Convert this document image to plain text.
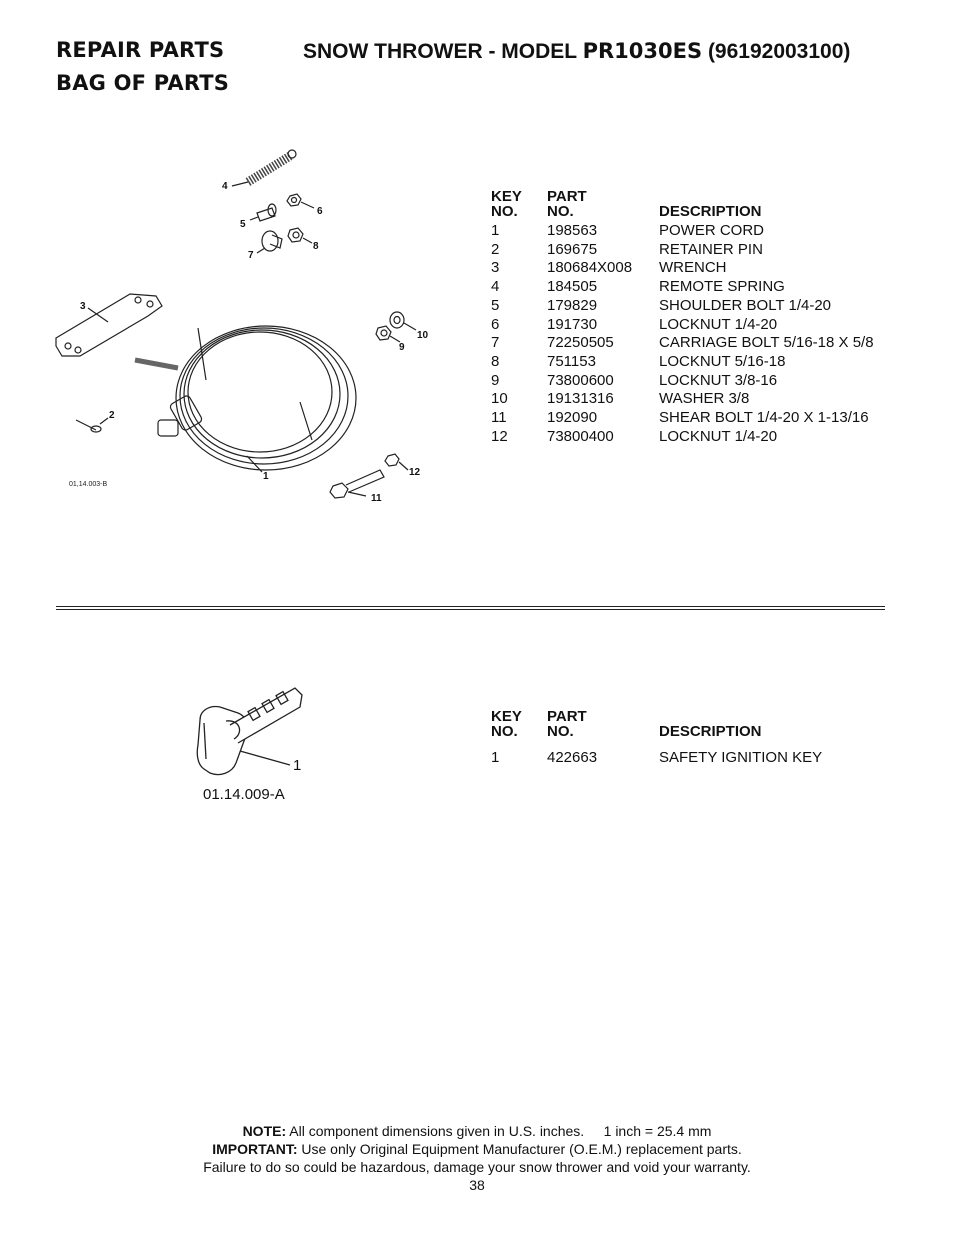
REPAIR PARTS	SNOW THROWER - MODEL PR1030ES (96192003100)
BAG OF PARTS
4
5
6
7
8
3
2
9
10
1	12
11
01,14.003-B
KEY
NO.	PART
NO.	DESCRIPTION

1	198563	POWER CORD
2	169675	RETAINER PIN
3	180684X008	WRENCH
4	184505	REMOTE SPRING
5	179829	SHOULDER BOLT 1/4-20
6	191730	LOCKNUT 1/4-20
7	72250505	CARRIAGE BOLT 5/16-18 X 5/8
8	751153	LOCKNUT 5/16-18
9	73800600	LOCKNUT 3/8-16
10	19131316	WASHER 3/8
11	192090	SHEAR BOLT 1/4-20 X 1-13/16
12	73800400	LOCKNUT 1/4-20
1
01.14.009-A
KEY
NO.	PART
NO.	DESCRIPTION

1	422663	SAFETY IGNITION KEY
NOTE: All component dimensions given in U.S. inches. 1 inch = 25.4 mm
IMPORTANT: Use only Original Equipment Manufacturer (O.E.M.) replacement parts.
Failure to do so could be hazardous, damage your snow thrower and void your warranty.
38
